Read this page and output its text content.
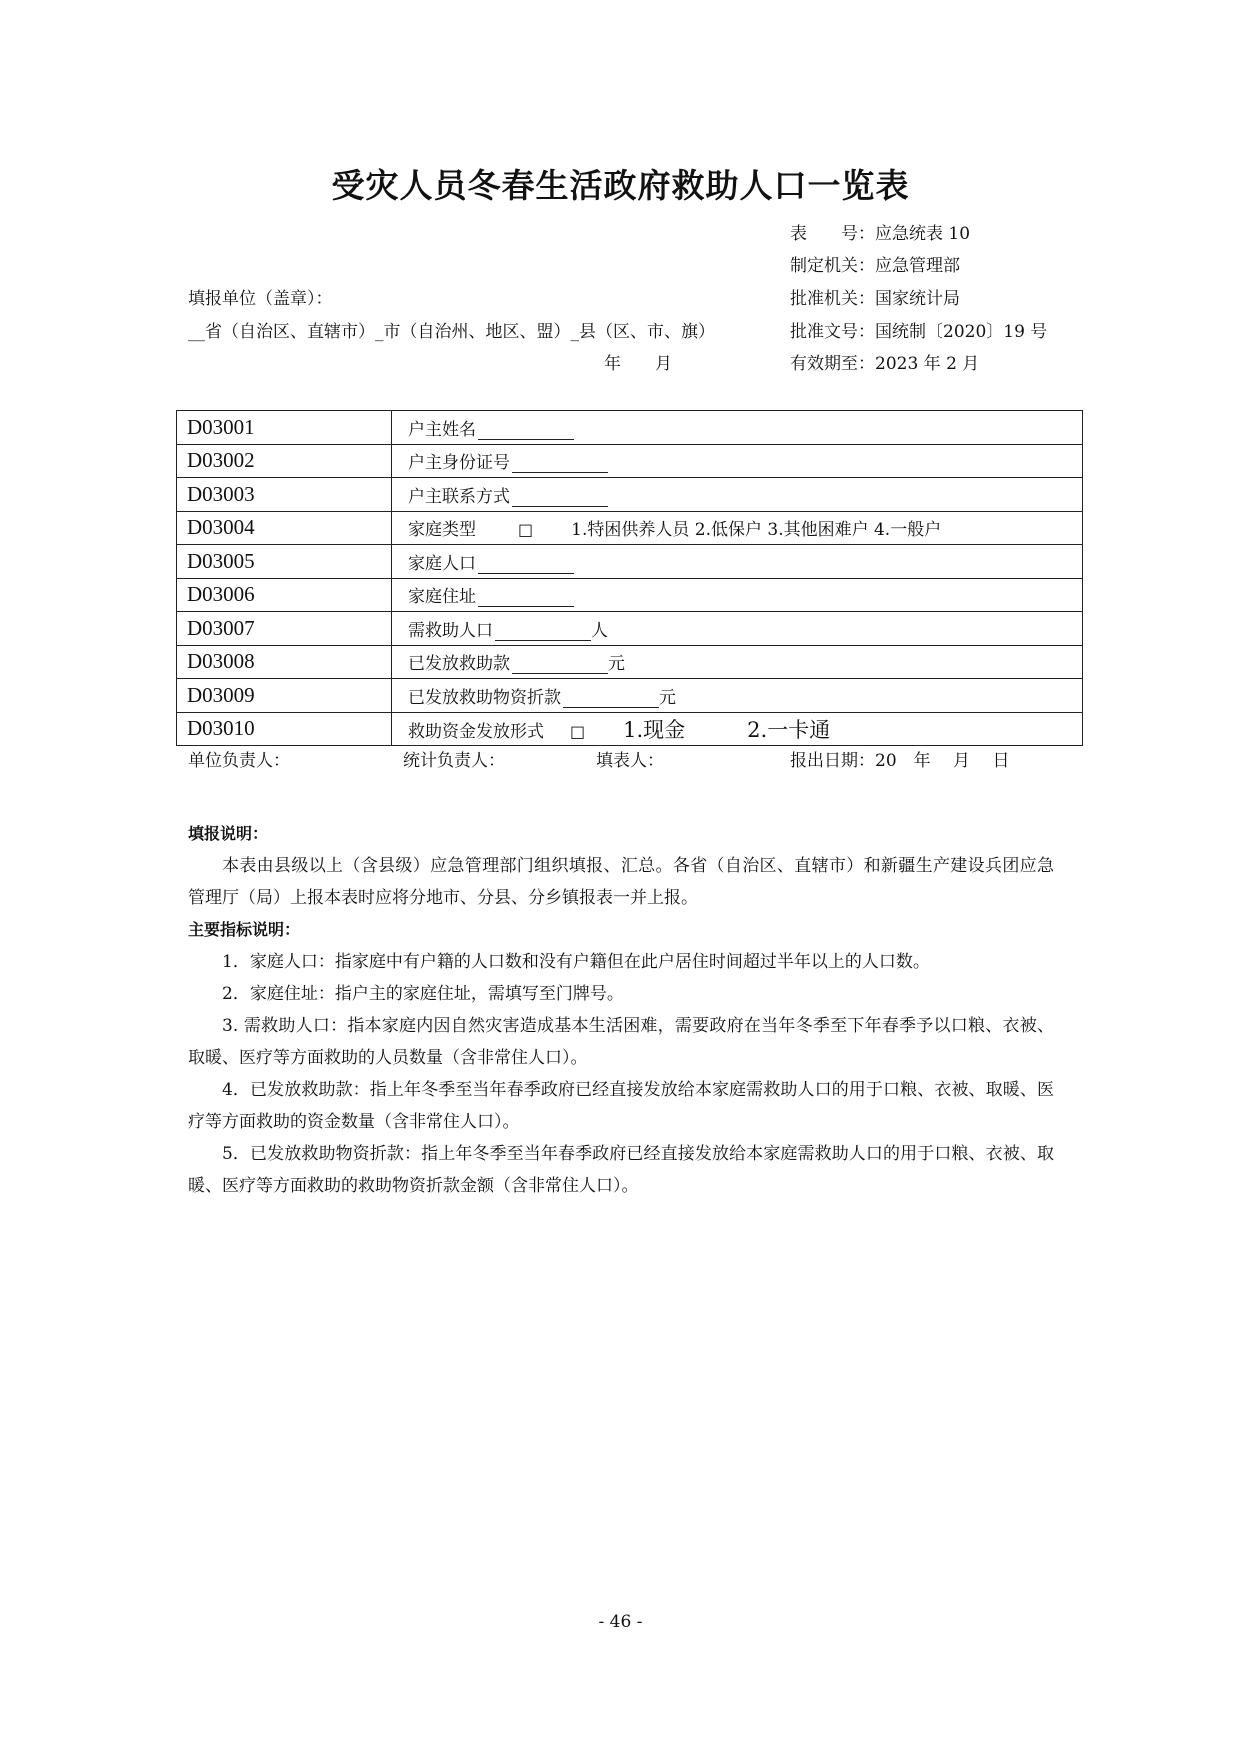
受灾人员冬春生活政府救助人口一览表
表　　号：应急统表 10
制定机关：应急管理部
填报单位（盖章）：	批准机关：国家统计局
__省（自治区、直辖市）_市（自治州、地区、盟）_县（区、市、旗）	批准文号：国统制〔2020〕19 号
年　　月	有效期至：2023 年 2 月
D03001	户主姓名
D03002	户主身份证号
D03003	户主联系方式
D03004	家庭类型 □ 1.特困供养人员 2.低保户 3.其他困难户 4.一般户
D03005	家庭人口
D03006	家庭住址
D03007	需救助人口 人
D03008	已发放救助款 元
D03009	已发放救助物资折款 元
D03010	救助资金发放形式 □ 1.现金 2.一卡通
单位负责人：	统计负责人：	填表人：	报出日期：20　年　 月　 日
填报说明：
本表由县级以上（含县级）应急管理部门组织填报、汇总。各省（自治区、直辖市）和新疆生产建设兵团应急管理厅（局）上报本表时应将分地市、分县、分乡镇报表一并上报。
主要指标说明：
1．家庭人口：指家庭中有户籍的人口数和没有户籍但在此户居住时间超过半年以上的人口数。
2．家庭住址：指户主的家庭住址，需填写至门牌号。
3. 需救助人口：指本家庭内因自然灾害造成基本生活困难，需要政府在当年冬季至下年春季予以口粮、衣被、取暖、医疗等方面救助的人员数量（含非常住人口）。
4．已发放救助款：指上年冬季至当年春季政府已经直接发放给本家庭需救助人口的用于口粮、衣被、取暖、医疗等方面救助的资金数量（含非常住人口）。
5．已发放救助物资折款：指上年冬季至当年春季政府已经直接发放给本家庭需救助人口的用于口粮、衣被、取暖、医疗等方面救助的救助物资折款金额（含非常住人口）。
- 46 -
